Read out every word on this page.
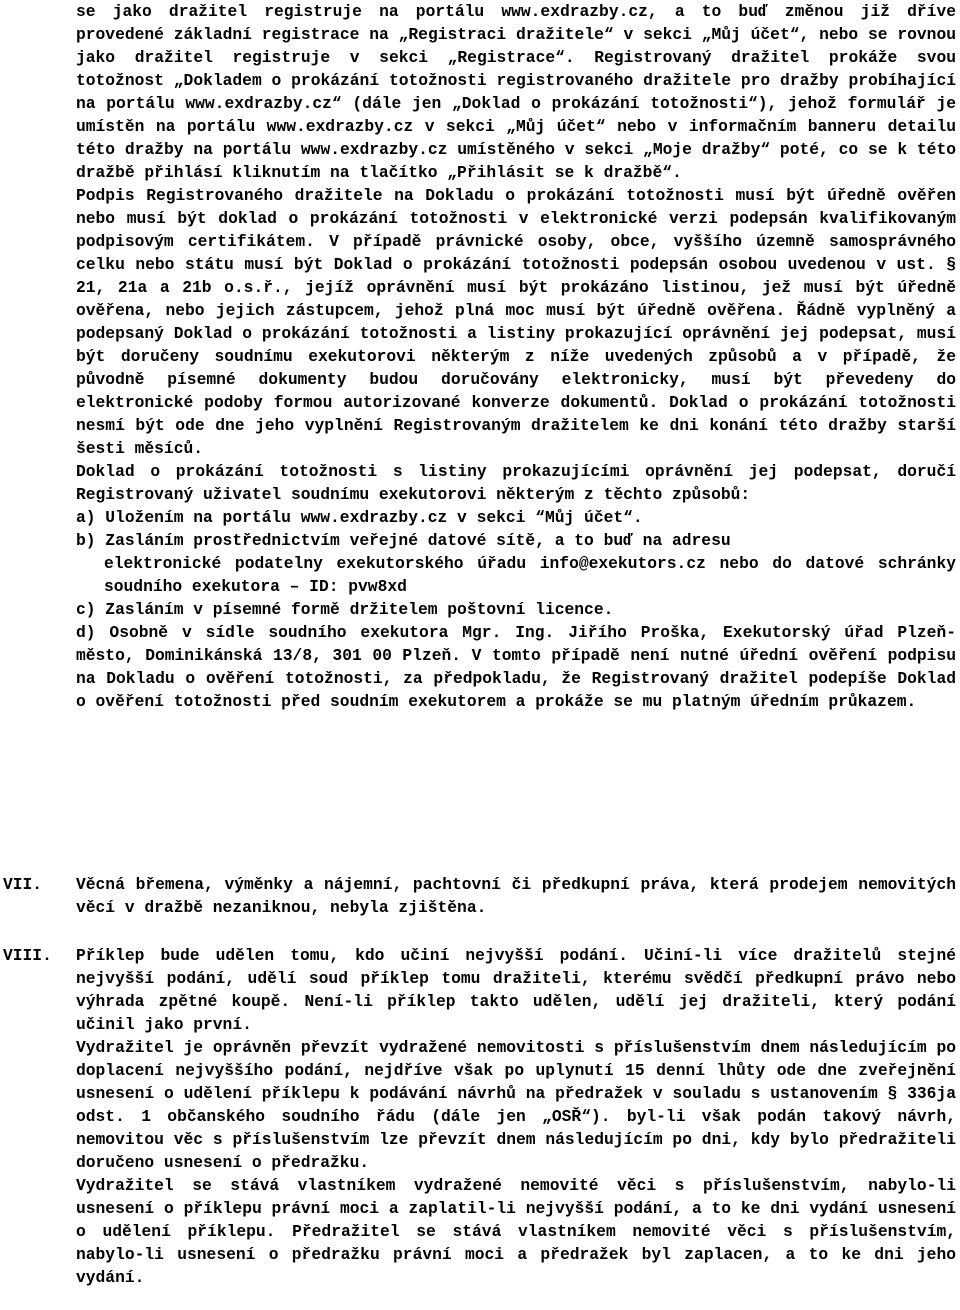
se jako dražitel registruje na portálu www.exdrazby.cz, a to buď změnou již dříve provedené základní registrace na „Registraci dražitele“ v sekci „Můj účet“, nebo se rovnou jako dražitel registruje v sekci „Registrace“. Registrovaný dražitel prokáže svou totožnost „Dokladem o prokázání totožnosti registrovaného dražitele pro dražby probíhající na portálu www.exdrazby.cz“ (dále jen „Doklad o prokázání totožnosti“), jehož formulář je umístěn na portálu www.exdrazby.cz v sekci „Můj účet“ nebo v informačním banneru detailu této dražby na portálu www.exdrazby.cz umístěného v sekci „Moje dražby“ poté, co se k této dražbě přihlásí kliknutím na tlačítko „Přihlásit se k dražbě“.

Podpis Registrovaného dražitele na Dokladu o prokázání totožnosti musí být úředně ověřen nebo musí být doklad o prokázání totožnosti v elektronické verzi podepsán kvalifikovaným podpisovým certifikátem. V případě právnické osoby, obce, vyššího územně samosprávného celku nebo státu musí být Doklad o prokázání totožnosti podepsán osobou uvedenou v ust. § 21, 21a a 21b o.s.ř., jejíž oprávnění musí být prokázáno listinou, jež musí být úředně ověřena, nebo jejich zástupcem, jehož plná moc musí být úředně ověřena. Řádně vyplněný a podepsaný Doklad o prokázání totožnosti a listiny prokazující oprávnění jej podepsat, musí být doručeny soudnímu exekutorovi některým z níže uvedených způsobů a v případě, že původně písemné dokumenty budou doručovány elektronicky, musí být převedeny do elektronické podoby formou autorizované konverze dokumentů. Doklad o prokázání totožnosti nesmí být ode dne jeho vyplnění Registrovaným dražitelem ke dni konání této dražby starší šesti měsíců.

Doklad o prokázání totožnosti s listiny prokazujícími oprávnění jej podepsat, doručí Registrovaný uživatel soudnímu exekutorovi některým z těchto způsobů:

a) Uložením na portálu www.exdrazby.cz v sekci “Můj účet“.

b) Zasláním prostřednictvím veřejné datové sítě, a to buď na adresu

elektronické podatelny exekutorského úřadu info@exekutors.cz nebo do datové schránky soudního exekutora – ID: pvw8xd

c) Zasláním v písemné formě držitelem poštovní licence.

d) Osobně v sídle soudního exekutora Mgr. Ing. Jiřího Proška, Exekutorský úřad Plzeň-město, Dominikánská 13/8, 301 00 Plzeň. V tomto případě není nutné úřední ověření podpisu na Dokladu o ověření totožnosti, za předpokladu, že Registrovaný dražitel podepíše Doklad o ověření totožnosti před soudním exekutorem a prokáže se mu platným úředním průkazem.

VII.	Věcná břemena, výměnky a nájemní, pachtovní či předkupní práva, která prodejem nemovitých věcí v dražbě nezaniknou, nebyla zjištěna.

VIII.	Příklep bude udělen tomu, kdo učiní nejvyšší podání. Učiní-li více dražitelů stejné nejvyšší podání, udělí soud příklep tomu dražiteli, kterému svědčí předkupní právo nebo výhrada zpětné koupě. Není-li příklep takto udělen, udělí jej dražiteli, který podání učinil jako první.

Vydražitel je oprávněn převzít vydražené nemovitosti s příslušenstvím dnem následujícím po doplacení nejvyššího podání, nejdříve však po uplynutí 15 denní lhůty ode dne zveřejnění usnesení o udělení příklepu k podávání návrhů na předražek v souladu s ustanovením § 336ja odst. 1 občanského soudního řádu (dále jen „OSŘ“). byl-li však podán takový návrh, nemovitou věc s příslušenstvím lze převzít dnem následujícím po dni, kdy bylo předražiteli doručeno usnesení o předražku.

Vydražitel se stává vlastníkem vydražené nemovité věci s příslušenstvím, nabylo-li usnesení o příklepu právní moci a zaplatil-li nejvyšší podání, a to ke dni vydání usnesení o udělení příklepu. Předražitel se stává vlastníkem nemovité věci s příslušenstvím, nabylo-li usnesení o předražku právní moci a předražek byl zaplacen, a to ke dni jeho vydání.
